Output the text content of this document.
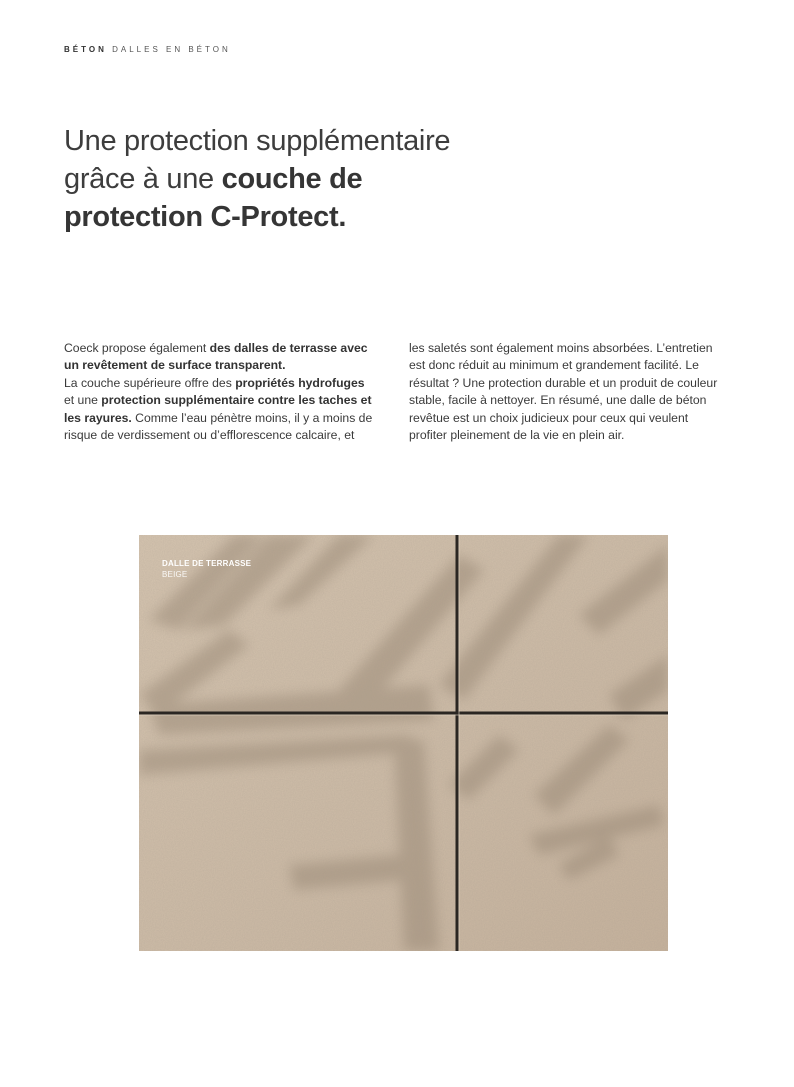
BÉTON DALLES EN BÉTON
Une protection supplémentaire
grâce à une couche de
protection C-Protect.

Coeck propose également des dalles de terrasse avec un revêtement de surface transparent.
La couche supérieure offre des propriétés hydrofuges et une protection supplémentaire contre les taches et les rayures. Comme l’eau pénètre moins, il y a moins de risque de verdissement ou d’efflorescence calcaire, et

les saletés sont également moins absorbées. L’entretien est donc réduit au minimum et grandement facilité. Le résultat ? Une protection durable et un produit de couleur stable, facile à nettoyer. En résumé, une dalle de béton revêtue est un choix judicieux pour ceux qui veulent profiter pleinement de la vie en plein air.

DALLE DE TERRASSE
BEIGE
